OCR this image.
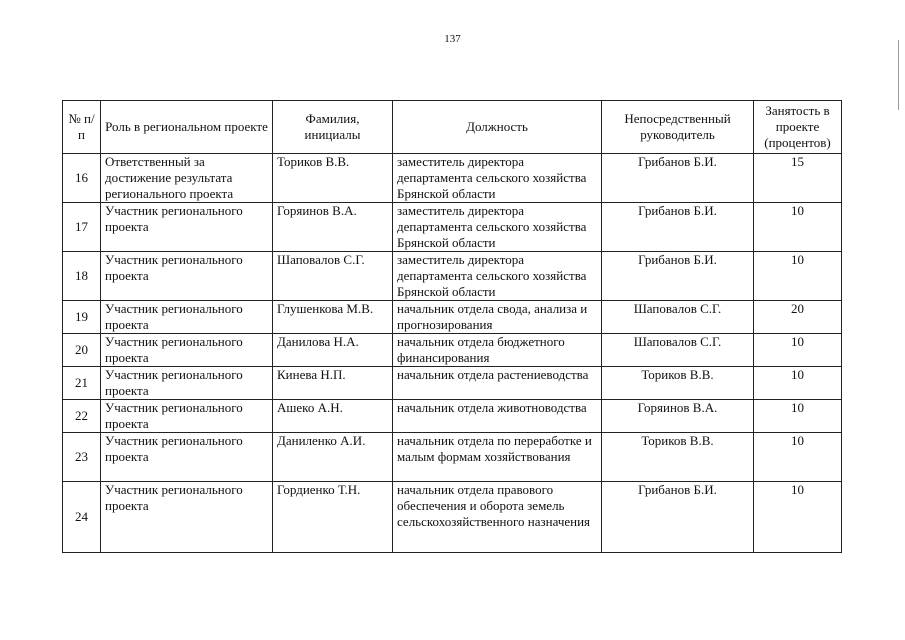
137
№ п/п	Роль в региональном проекте	Фамилия, инициалы	Должность	Непосредственный руководитель	Занятость в проекте (процентов)
16	Ответственный за достижение результата регионального проекта	Ториков В.В.	заместитель директора департамента сельского хозяйства Брянской области	Грибанов Б.И.	15
17	Участник регионального проекта	Горяинов В.А.	заместитель директора департамента сельского хозяйства Брянской области	Грибанов Б.И.	10
18	Участник регионального проекта	Шаповалов С.Г.	заместитель директора департамента сельского хозяйства Брянской области	Грибанов Б.И.	10
19	Участник регионального проекта	Глушенкова М.В.	начальник отдела свода, анализа и прогнозирования	Шаповалов С.Г.	20
20	Участник регионального проекта	Данилова Н.А.	начальник отдела бюджетного финансирования	Шаповалов С.Г.	10
21	Участник регионального проекта	Кинева Н.П.	начальник отдела растениеводства	Ториков В.В.	10
22	Участник регионального проекта	Ашеко А.Н.	начальник отдела животноводства	Горяинов В.А.	10
23	Участник регионального проекта	Даниленко А.И.	начальник отдела по переработке и малым формам хозяйствования	Ториков В.В.	10
24	Участник регионального проекта	Гордиенко Т.Н.	начальник отдела правового обеспечения и оборота земель сельскохозяйственного назначения	Грибанов Б.И.	10
